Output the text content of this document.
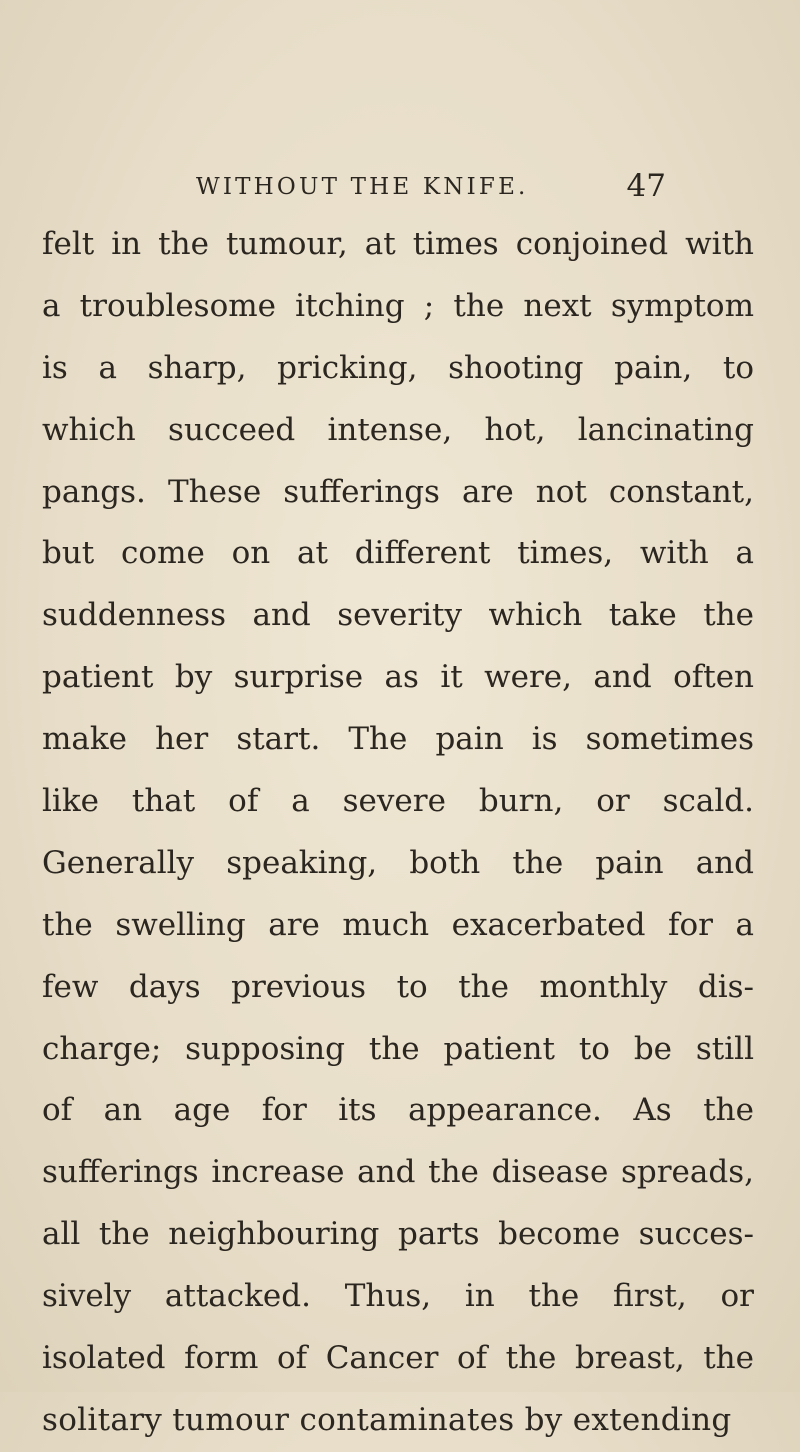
WITHOUT THE KNIFE.	47
felt in the tumour, at times conjoined with
a troublesome itching ; the next symptom
is a sharp, pricking, shooting pain, to
which succeed intense, hot, lancinating
pangs. These sufferings are not constant,
but come on at different times, with a
suddenness and severity which take the
patient by surprise as it were, and often
make her start. The pain is sometimes
like that of a severe burn, or scald.
Generally speaking, both the pain and
the swelling are much exacerbated for a
few days previous to the monthly dis-
charge; supposing the patient to be still
of an age for its appearance. As the
sufferings increase and the disease spreads,
all the neighbouring parts become succes-
sively attacked. Thus, in the first, or
isolated form of Cancer of the breast, the
solitary tumour contaminates by extending
